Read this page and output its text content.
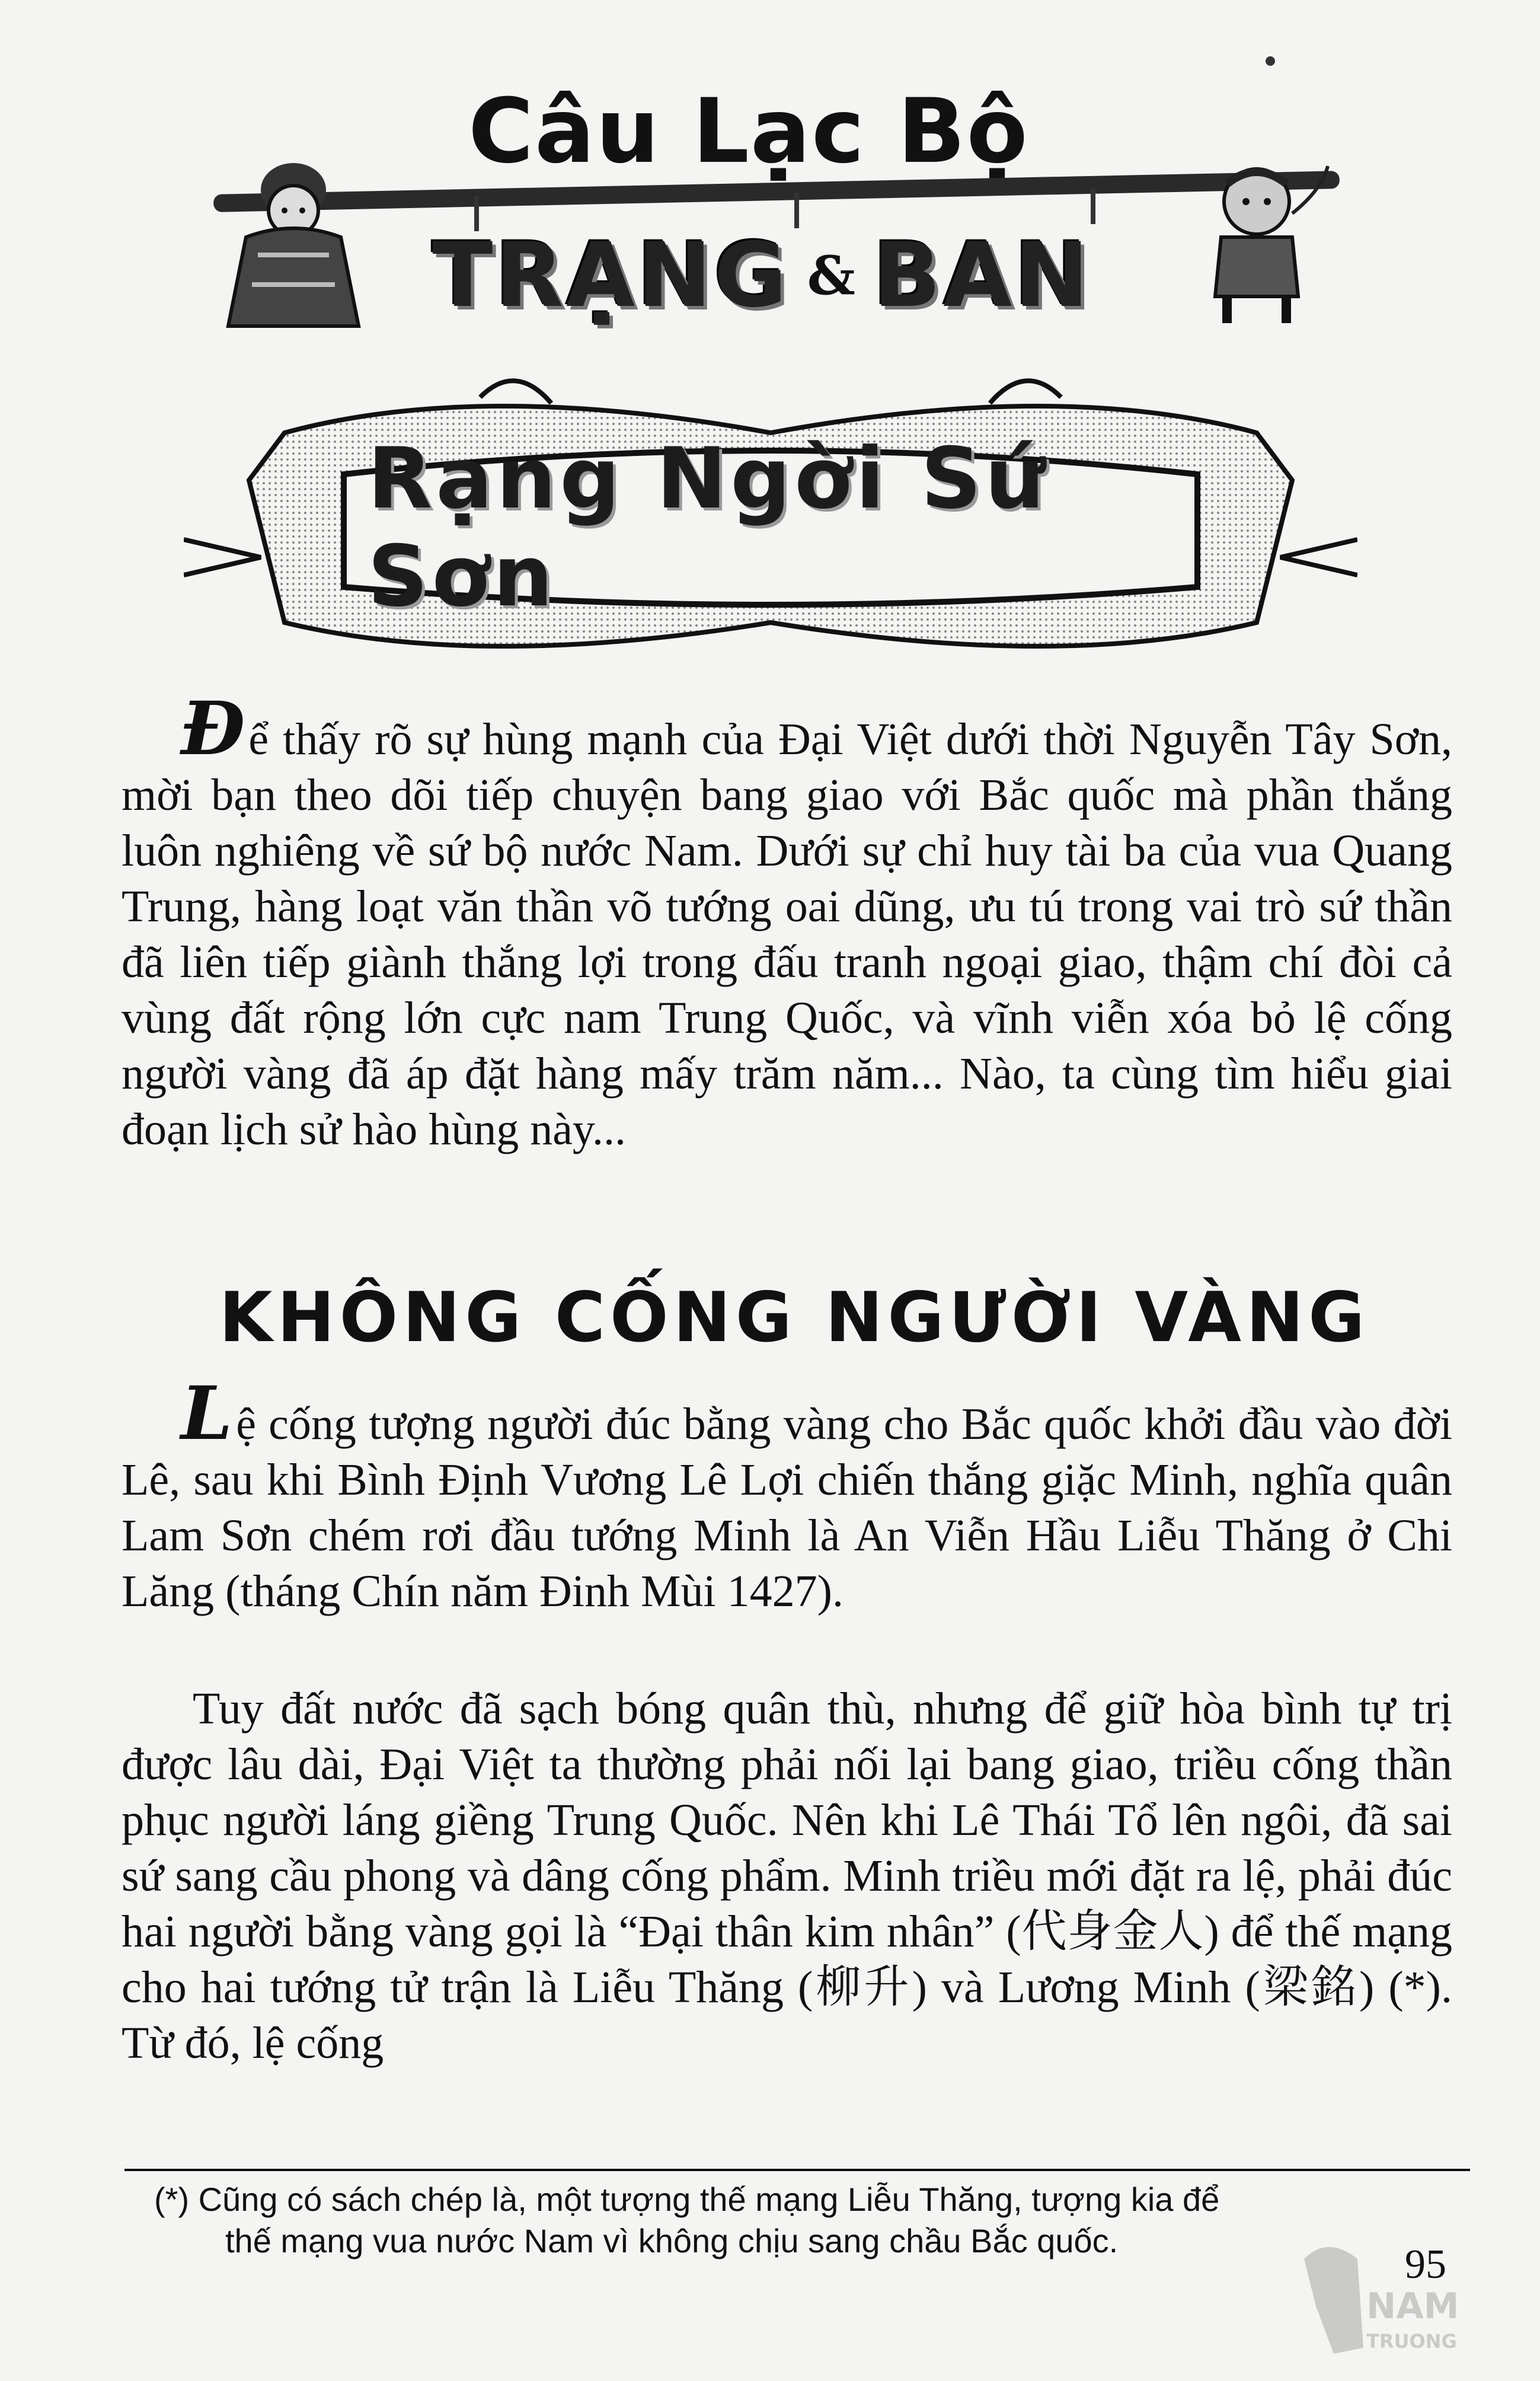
Câu Lạc Bộ
TRẠNG & BAN
Rạng Ngời Sứ Sơn

Để thấy rõ sự hùng mạnh của Đại Việt dưới thời Nguyễn Tây Sơn, mời bạn theo dõi tiếp chuyện bang giao với Bắc quốc mà phần thắng luôn nghiêng về sứ bộ nước Nam. Dưới sự chỉ huy tài ba của vua Quang Trung, hàng loạt văn thần võ tướng oai dũng, ưu tú trong vai trò sứ thần đã liên tiếp giành thắng lợi trong đấu tranh ngoại giao, thậm chí đòi cả vùng đất rộng lớn cực nam Trung Quốc, và vĩnh viễn xóa bỏ lệ cống người vàng đã áp đặt hàng mấy trăm năm... Nào, ta cùng tìm hiểu giai đoạn lịch sử hào hùng này...

KHÔNG CỐNG NGƯỜI VÀNG

Lệ cống tượng người đúc bằng vàng cho Bắc quốc khởi đầu vào đời Lê, sau khi Bình Định Vương Lê Lợi chiến thắng giặc Minh, nghĩa quân Lam Sơn chém rơi đầu tướng Minh là An Viễn Hầu Liễu Thăng ở Chi Lăng (tháng Chín năm Đinh Mùi 1427).

Tuy đất nước đã sạch bóng quân thù, nhưng để giữ hòa bình tự trị được lâu dài, Đại Việt ta thường phải nối lại bang giao, triều cống thần phục người láng giềng Trung Quốc. Nên khi Lê Thái Tổ lên ngôi, đã sai sứ sang cầu phong và dâng cống phẩm. Minh triều mới đặt ra lệ, phải đúc hai người bằng vàng gọi là “Đại thân kim nhân” (代身金人) để thế mạng cho hai tướng tử trận là Liễu Thăng (柳升) và Lương Minh (梁銘) (*). Từ đó, lệ cống

(*) Cũng có sách chép là, một tượng thế mạng Liễu Thăng, tượng kia để
thế mạng vua nước Nam vì không chịu sang chầu Bắc quốc.
NAM
TRUONG
95
